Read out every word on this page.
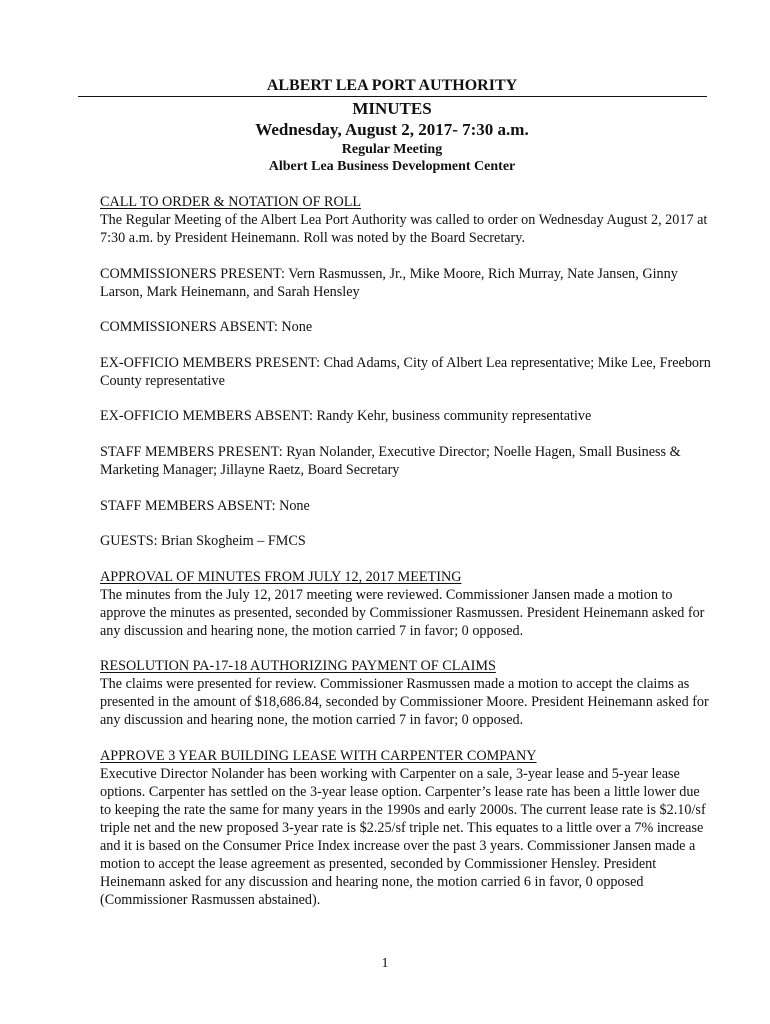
ALBERT LEA PORT AUTHORITY
MINUTES
Wednesday, August 2, 2017- 7:30 a.m.
Regular Meeting
Albert Lea Business Development Center
CALL TO ORDER & NOTATION OF ROLL

The Regular Meeting of the Albert Lea Port Authority was called to order on Wednesday August 2, 2017 at 7:30 a.m. by President Heinemann. Roll was noted by the Board Secretary.

COMMISSIONERS PRESENT: Vern Rasmussen, Jr., Mike Moore, Rich Murray, Nate Jansen, Ginny Larson, Mark Heinemann, and Sarah Hensley

COMMISSIONERS ABSENT: None

EX-OFFICIO MEMBERS PRESENT: Chad Adams, City of Albert Lea representative; Mike Lee, Freeborn County representative

EX-OFFICIO MEMBERS ABSENT: Randy Kehr, business community representative

STAFF MEMBERS PRESENT: Ryan Nolander, Executive Director; Noelle Hagen, Small Business & Marketing Manager; Jillayne Raetz, Board Secretary

STAFF MEMBERS ABSENT: None

GUESTS: Brian Skogheim – FMCS

APPROVAL OF MINUTES FROM JULY 12, 2017 MEETING

The minutes from the July 12, 2017 meeting were reviewed. Commissioner Jansen made a motion to approve the minutes as presented, seconded by Commissioner Rasmussen. President Heinemann asked for any discussion and hearing none, the motion carried 7 in favor; 0 opposed.

RESOLUTION PA-17-18 AUTHORIZING PAYMENT OF CLAIMS

The claims were presented for review. Commissioner Rasmussen made a motion to accept the claims as presented in the amount of $18,686.84, seconded by Commissioner Moore. President Heinemann asked for any discussion and hearing none, the motion carried 7 in favor; 0 opposed.

APPROVE 3 YEAR BUILDING LEASE WITH CARPENTER COMPANY

Executive Director Nolander has been working with Carpenter on a sale, 3-year lease and 5-year lease options. Carpenter has settled on the 3-year lease option. Carpenter’s lease rate has been a little lower due to keeping the rate the same for many years in the 1990s and early 2000s. The current lease rate is $2.10/sf triple net and the new proposed 3-year rate is $2.25/sf triple net. This equates to a little over a 7% increase and it is based on the Consumer Price Index increase over the past 3 years. Commissioner Jansen made a motion to accept the lease agreement as presented, seconded by Commissioner Hensley. President Heinemann asked for any discussion and hearing none, the motion carried 6 in favor, 0 opposed (Commissioner Rasmussen abstained).

1
